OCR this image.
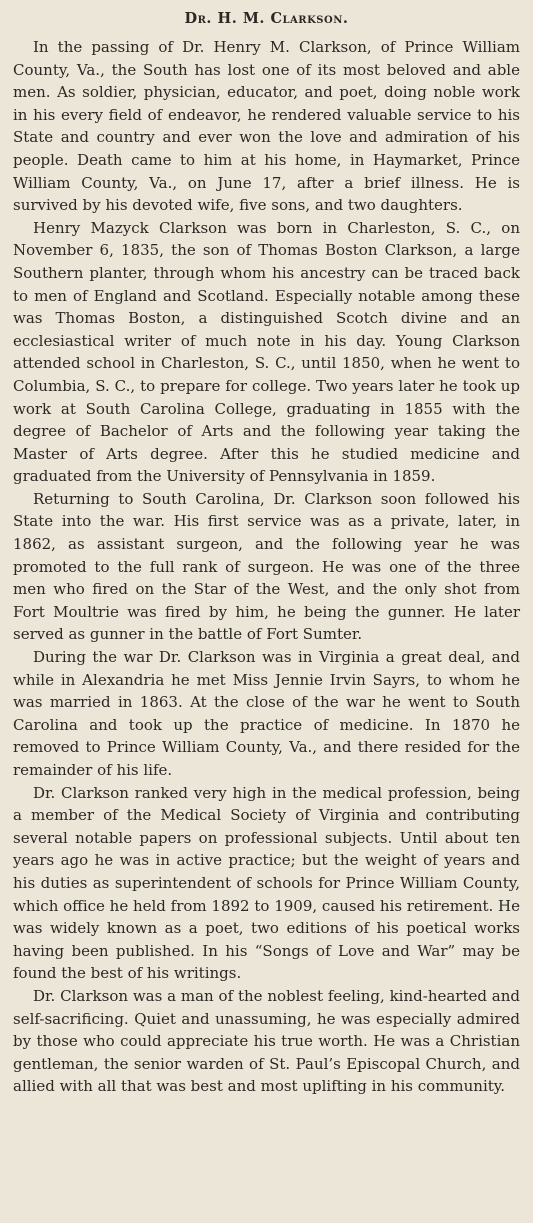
Dr. H. M. Clarkson.

In the passing of Dr. Henry M. Clarkson, of Prince William County, Va., the South has lost one of its most beloved and able men. As soldier, physician, educator, and poet, doing noble work in his every field of endeavor, he rendered valuable service to his State and country and ever won the love and admiration of his people. Death came to him at his home, in Haymarket, Prince William County, Va., on June 17, after a brief illness. He is survived by his devoted wife, five sons, and two daughters.

Henry Mazyck Clarkson was born in Charleston, S. C., on November 6, 1835, the son of Thomas Boston Clarkson, a large Southern planter, through whom his ancestry can be traced back to men of England and Scotland. Especially notable among these was Thomas Boston, a distinguished Scotch divine and an ecclesiastical writer of much note in his day. Young Clarkson attended school in Charleston, S. C., until 1850, when he went to Columbia, S. C., to prepare for college. Two years later he took up work at South Carolina College, graduating in 1855 with the degree of Bachelor of Arts and the following year taking the Master of Arts degree. After this he studied medicine and graduated from the University of Pennsylvania in 1859.

Returning to South Carolina, Dr. Clarkson soon followed his State into the war. His first service was as a private, later, in 1862, as assistant surgeon, and the following year he was promoted to the full rank of surgeon. He was one of the three men who fired on the Star of the West, and the only shot from Fort Moultrie was fired by him, he being the gunner. He later served as gunner in the battle of Fort Sumter.

During the war Dr. Clarkson was in Virginia a great deal, and while in Alexandria he met Miss Jennie Irvin Sayrs, to whom he was married in 1863. At the close of the war he went to South Carolina and took up the practice of medicine. In 1870 he removed to Prince William County, Va., and there resided for the remainder of his life.

Dr. Clarkson ranked very high in the medical profession, being a member of the Medical Society of Virginia and contributing several notable papers on professional subjects. Until about ten years ago he was in active practice; but the weight of years and his duties as superintendent of schools for Prince William County, which office he held from 1892 to 1909, caused his retirement. He was widely known as a poet, two editions of his poetical works having been published. In his “Songs of Love and War” may be found the best of his writings.

Dr. Clarkson was a man of the noblest feeling, kind-hearted and self-sacrificing. Quiet and unassuming, he was especially admired by those who could appreciate his true worth. He was a Christian gentleman, the senior warden of St. Paul’s Episcopal Church, and allied with all that was best and most uplifting in his community.
